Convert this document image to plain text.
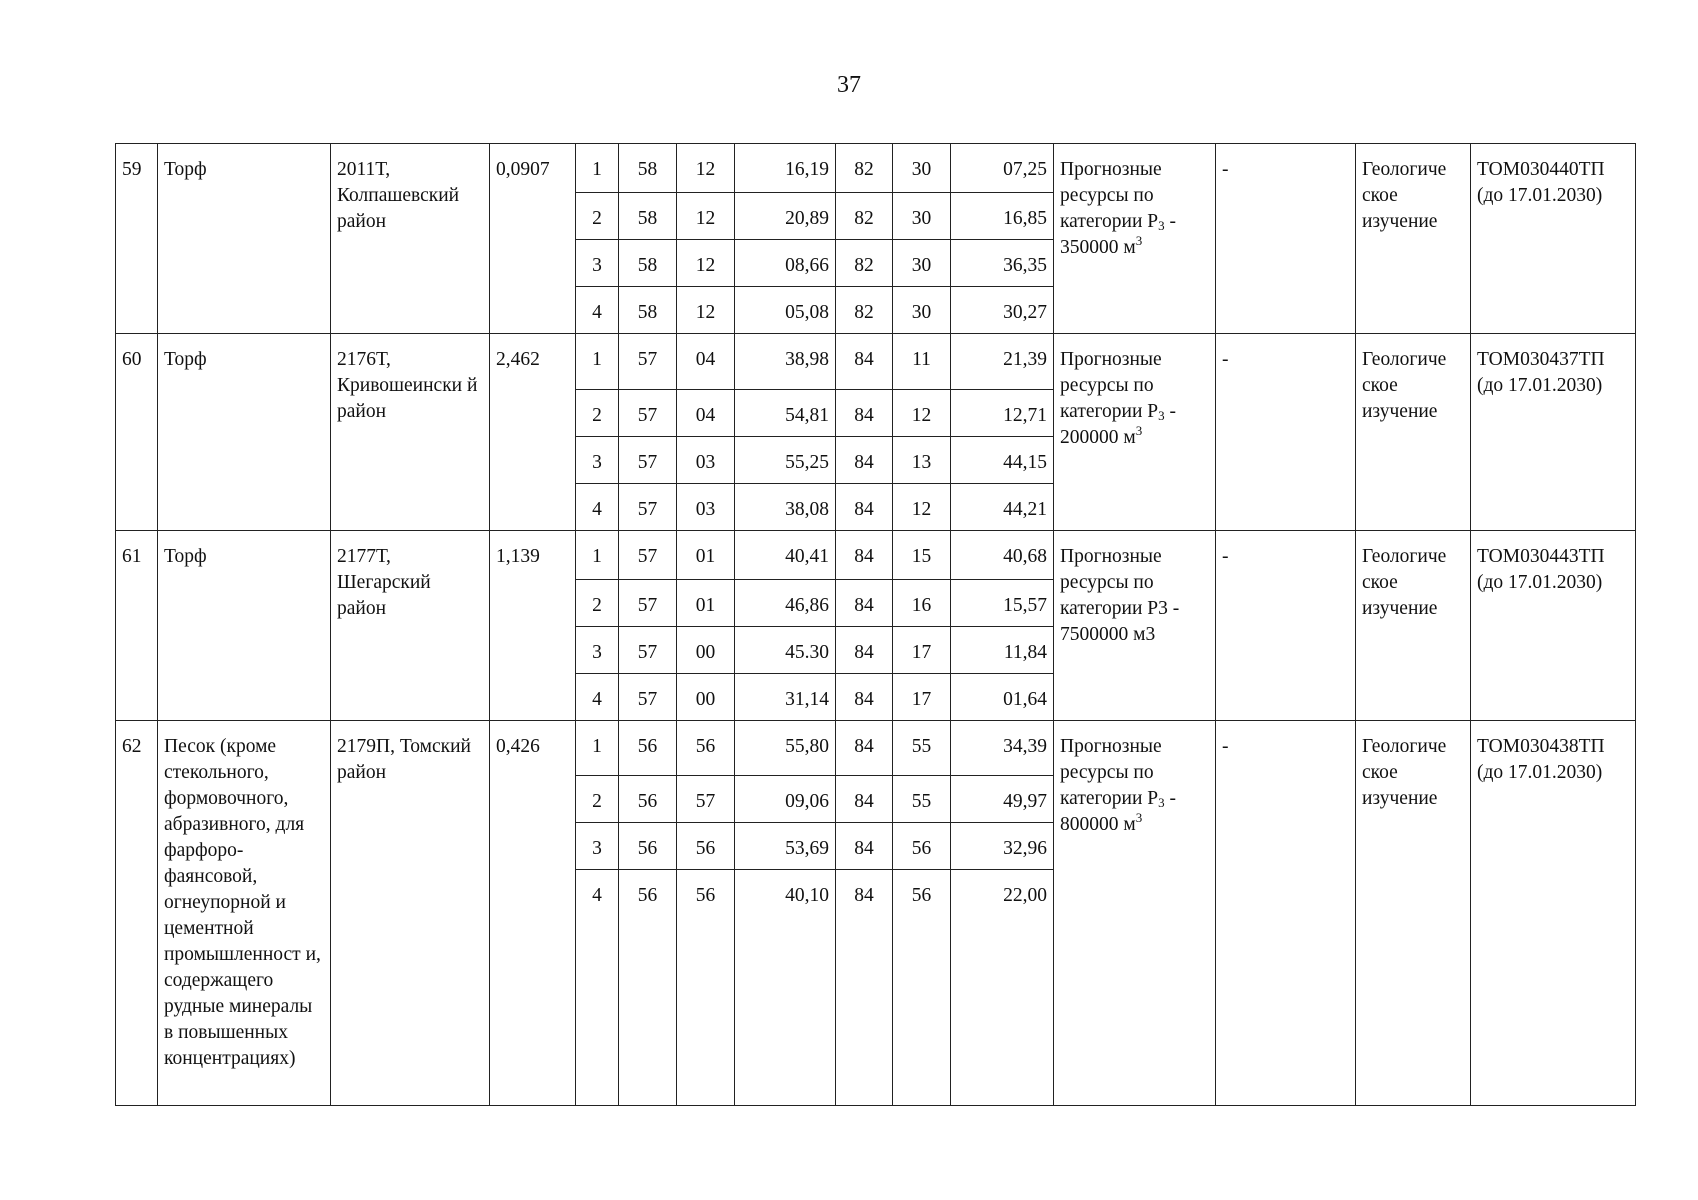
37
59	Торф	2011Т, Колпашевский район	0,0907	1	58	12	16,19	82	30	07,25	Прогнозные ресурсы по категории $Р_3 - 350000$ $м^3$	-	Геологиче ское изучение	ТОМ030440ТП (до 17.01.2030)
				2	58	12	20,89	82	30	16,85				
				3	58	12	08,66	82	30	36,35				
				4	58	12	05,08	82	30	30,27				
60	Торф	2176Т, Кривошеински й район	2,462	1	57	04	38,98	84	11	21,39	Прогнозные ресурсы по категории $Р_3 - 200000$ $м^3$	-	Геологиче ское изучение	ТОМ030437ТП (до 17.01.2030)
				2	57	04	54,81	84	12	12,71				
				3	57	03	55,25	84	13	44,15				
				4	57	03	38,08	84	12	44,21				
61	Торф	2177Т, Шегарский район	1,139	1	57	01	40,41	84	15	40,68	Прогнозные ресурсы по категории Р3 - 7500000 м3	-	Геологиче ское изучение	ТОМ030443ТП (до 17.01.2030)
				2	57	01	46,86	84	16	15,57				
				3	57	00	45.30	84	17	11,84				
				4	57	00	31,14	84	17	01,64				
62	Песок (кроме стекольного, формовочного, абразивного, для фарфоро-фаянсовой, огнеупорной и цементной промышленност и, содержащего рудные минералы в повышенных концентрациях)	2179П, Томский район	0,426	1	56	56	55,80	84	55	34,39	Прогнозные ресурсы по категории $Р_3 - 800000$ $м^3$	-	Геологиче ское изучение	ТОМ030438ТП (до 17.01.2030)
				2	56	57	09,06	84	55	49,97				
				3	56	56	53,69	84	56	32,96				
				4	56	56	40,10	84	56	22,00				
